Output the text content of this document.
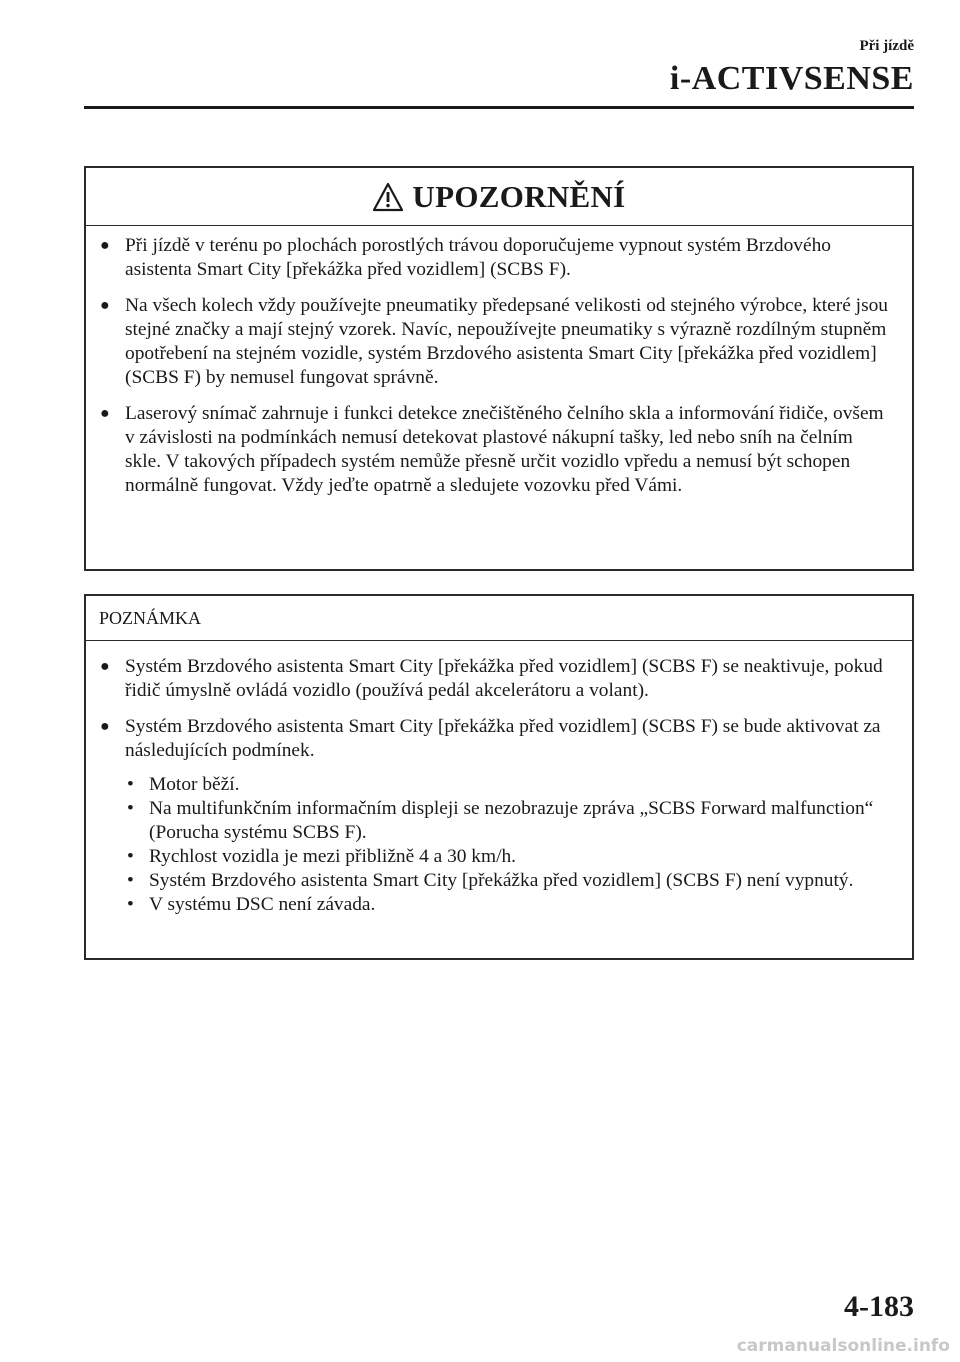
Při jízdě
i-ACTIVSENSE
UPOZORNĚNÍ
● Při jízdě v terénu po plochách porostlých trávou doporučujeme vypnout systém Brzdového asistenta Smart City [překážka před vozidlem] (SCBS F).
● Na všech kolech vždy používejte pneumatiky předepsané velikosti od stejného výrobce, které jsou stejné značky a mají stejný vzorek. Navíc, nepoužívejte pneumatiky s výrazně rozdílným stupněm opotřebení na stejném vozidle, systém Brzdového asistenta Smart City [překážka před vozidlem] (SCBS F) by nemusel fungovat správně.
● Laserový snímač zahrnuje i funkci detekce znečištěného čelního skla a informování řidiče, ovšem v závislosti na podmínkách nemusí detekovat plastové nákupní tašky, led nebo sníh na čelním skle. V takových případech systém nemůže přesně určit vozidlo vpředu a nemusí být schopen normálně fungovat. Vždy jeďte opatrně a sledujete vozovku před Vámi.
POZNÁMKA
● Systém Brzdového asistenta Smart City [překážka před vozidlem] (SCBS F) se neaktivuje, pokud řidič úmyslně ovládá vozidlo (používá pedál akcelerátoru a volant).
● Systém Brzdového asistenta Smart City [překážka před vozidlem] (SCBS F) se bude aktivovat za následujících podmínek.
• Motor běží.
• Na multifunkčním informačním displeji se nezobrazuje zpráva „SCBS Forward malfunction“ (Porucha systému SCBS F).
• Rychlost vozidla je mezi přibližně 4 a 30 km/h.
• Systém Brzdového asistenta Smart City [překážka před vozidlem] (SCBS F) není vypnutý.
• V systému DSC není závada.
4-183
carmanualsonline.info
